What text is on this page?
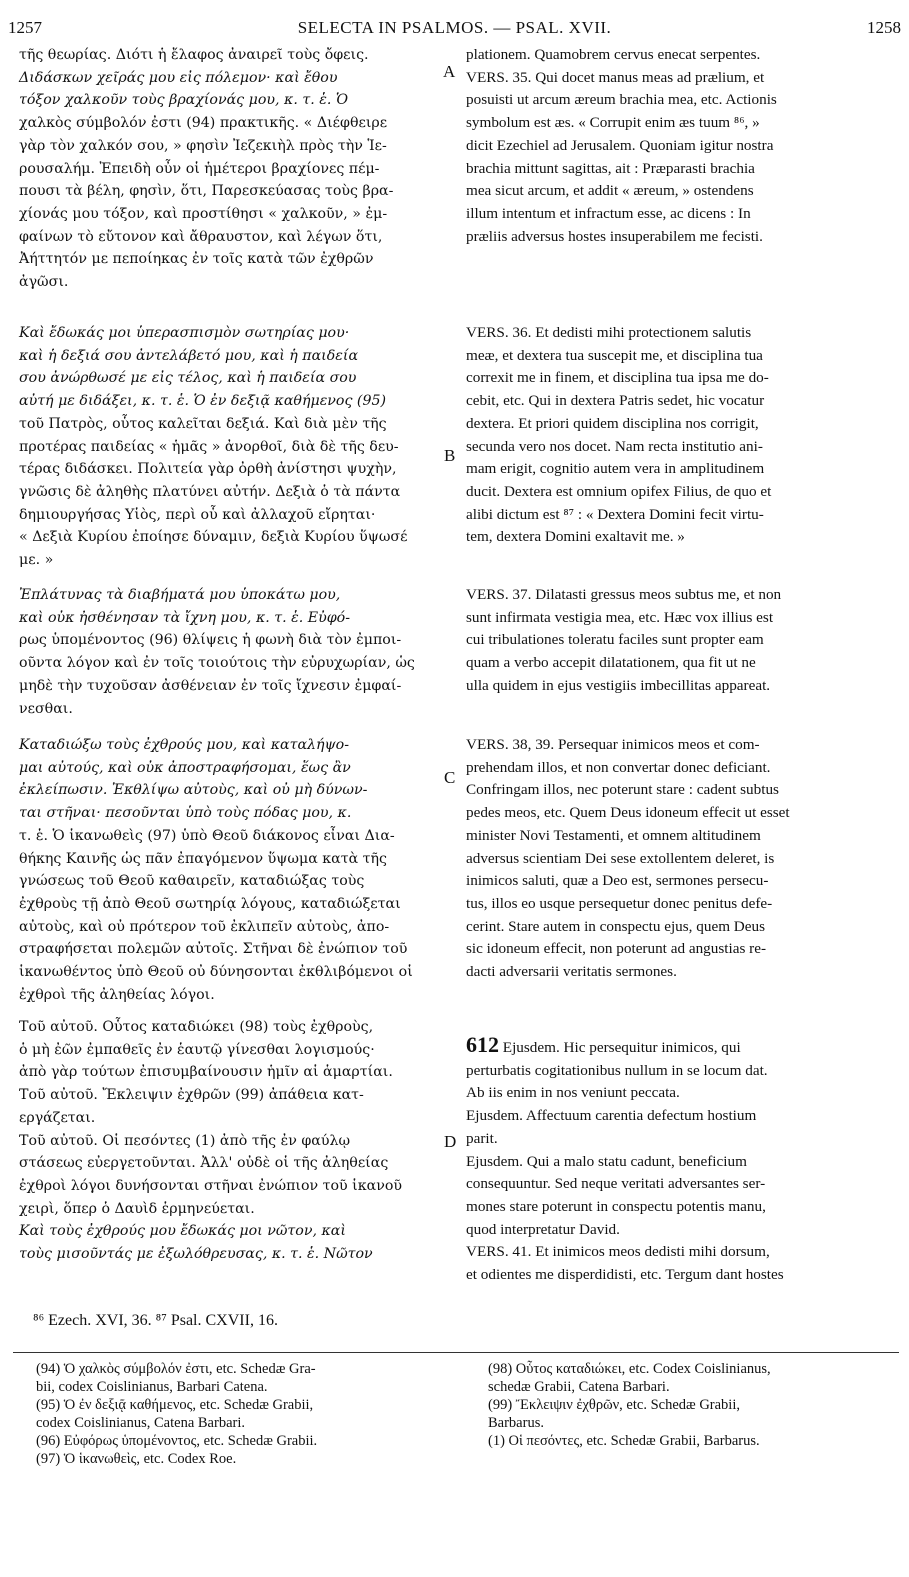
1257	SELECTA IN PSALMOS. — PSAL. XVII.	1258
A
B
C
D

τῆς θεωρίας. Διότι ἡ ἔλαφος ἀναιρεῖ τοὺς ὄφεις.

Διδάσκων χεῖράς μου εἰς πόλεμον· καὶ ἔθου

τόξον χαλκοῦν τοὺς βραχίονάς μου, κ. τ. ἑ. Ὁ

χαλκὸς σύμβολόν ἐστι (94) πρακτικῆς. « Διέφθειρε

γὰρ τὸν χαλκόν σου, » φησὶν Ἰεζεκιὴλ πρὸς τὴν Ἱε-

ρουσαλήμ. Ἐπειδὴ οὖν οἱ ἡμέτεροι βραχίονες πέμ-

πουσι τὰ βέλη, φησὶν, ὅτι, Παρεσκεύασας τοὺς βρα-

χίονάς μου τόξον, καὶ προστίθησι « χαλκοῦν, » ἐμ-

φαίνων τὸ εὔτονον καὶ ἄθραυστον, καὶ λέγων ὅτι,

Ἀήττητόν με πεποίηκας ἐν τοῖς κατὰ τῶν ἐχθρῶν

ἀγῶσι.

Καὶ ἔδωκάς μοι ὑπερασπισμὸν σωτηρίας μου·

καὶ ἡ δεξιά σου ἀντελάβετό μου, καὶ ἡ παιδεία

σου ἀνώρθωσέ με εἰς τέλος, καὶ ἡ παιδεία σου

αὐτή με διδάξει, κ. τ. ἑ. Ὁ ἐν δεξιᾷ καθήμενος (95)

τοῦ Πατρὸς, οὗτος καλεῖται δεξιά. Καὶ διὰ μὲν τῆς

προτέρας παιδείας « ἡμᾶς » ἀνορθοῖ, διὰ δὲ τῆς δευ-

τέρας διδάσκει. Πολιτεία γὰρ ὀρθὴ ἀνίστησι ψυχὴν,

γνῶσις δὲ ἀληθὴς πλατύνει αὐτήν. Δεξιὰ ὁ τὰ πάντα

δημιουργήσας Υἱὸς, περὶ οὗ καὶ ἀλλαχοῦ εἴρηται·

« Δεξιὰ Κυρίου ἐποίησε δύναμιν, δεξιὰ Κυρίου ὕψωσέ

με. »

Ἐπλάτυνας τὰ διαβήματά μου ὑποκάτω μου,

καὶ οὐκ ἠσθένησαν τὰ ἴχνη μου, κ. τ. ἑ. Εὐφό-

ρως ὑπομένοντος (96) θλίψεις ἡ φωνὴ διὰ τὸν ἐμποι-

οῦντα λόγον καὶ ἐν τοῖς τοιούτοις τὴν εὐρυχωρίαν, ὡς

μηδὲ τὴν τυχοῦσαν ἀσθένειαν ἐν τοῖς ἴχνεσιν ἐμφαί-

νεσθαι.

Καταδιώξω τοὺς ἐχθρούς μου, καὶ καταλήψο-

μαι αὐτούς, καὶ οὐκ ἀποστραφήσομαι, ἕως ἂν

ἐκλείπωσιν. Ἐκθλίψω αὐτοὺς, καὶ οὐ μὴ δύνων-

ται στῆναι· πεσοῦνται ὑπὸ τοὺς πόδας μου, κ.

τ. ἑ. Ὁ ἱκανωθεὶς (97) ὑπὸ Θεοῦ διάκονος εἶναι Δια-

θήκης Καινῆς ὡς πᾶν ἐπαγόμενον ὕψωμα κατὰ τῆς

γνώσεως τοῦ Θεοῦ καθαιρεῖν, καταδιώξας τοὺς

ἐχθροὺς τῇ ἀπὸ Θεοῦ σωτηρίᾳ λόγους, καταδιώξεται

αὐτοὺς, καὶ οὐ πρότερον τοῦ ἐκλιπεῖν αὐτοὺς, ἀπο-

στραφήσεται πολεμῶν αὐτοῖς. Στῆναι δὲ ἐνώπιον τοῦ

ἱκανωθέντος ὑπὸ Θεοῦ οὐ δύνησονται ἐκθλιβόμενοι οἱ

ἐχθροὶ τῆς ἀληθείας λόγοι.

Τοῦ αὐτοῦ. Οὗτος καταδιώκει (98) τοὺς ἐχθροὺς,

ὁ μὴ ἐῶν ἐμπαθεῖς ἐν ἑαυτῷ γίνεσθαι λογισμούς·

ἀπὸ γὰρ τούτων ἐπισυμβαίνουσιν ἡμῖν αἱ ἁμαρτίαι.

Τοῦ αὐτοῦ. Ἔκλειψιν ἐχθρῶν (99) ἀπάθεια κατ-

εργάζεται.

Τοῦ αὐτοῦ. Οἱ πεσόντες (1) ἀπὸ τῆς ἐν φαύλῳ

στάσεως εὐεργετοῦνται. Ἀλλ' οὐδὲ οἱ τῆς ἀληθείας

ἐχθροὶ λόγοι δυνήσονται στῆναι ἐνώπιον τοῦ ἱκανοῦ

χειρὶ, ὅπερ ὁ Δαυὶδ ἑρμηνεύεται.

Καὶ τοὺς ἐχθρούς μου ἔδωκάς μοι νῶτον, καὶ

τοὺς μισοῦντάς με ἐξωλόθρευσας, κ. τ. ἑ. Νῶτον

plationem. Quamobrem cervus enecat serpentes.

VERS. 35. Qui docet manus meas ad prælium, et

posuisti ut arcum æreum brachia mea, etc. Actionis

symbolum est æs. « Corrupit enim æs tuum ⁸⁶, »

dicit Ezechiel ad Jerusalem. Quoniam igitur nostra

brachia mittunt sagittas, ait : Præparasti brachia

mea sicut arcum, et addit « æreum, » ostendens

illum intentum et infractum esse, ac dicens : In

præliis adversus hostes insuperabilem me fecisti.

VERS. 36. Et dedisti mihi protectionem salutis

meæ, et dextera tua suscepit me, et disciplina tua

correxit me in finem, et disciplina tua ipsa me do-

cebit, etc. Qui in dextera Patris sedet, hic vocatur

dextera. Et priori quidem disciplina nos corrigit,

secunda vero nos docet. Nam recta institutio ani-

mam erigit, cognitio autem vera in amplitudinem

ducit. Dextera est omnium opifex Filius, de quo et

alibi dictum est ⁸⁷ : « Dextera Domini fecit virtu-

tem, dextera Domini exaltavit me. »

VERS. 37. Dilatasti gressus meos subtus me, et non

sunt infirmata vestigia mea, etc. Hæc vox illius est

cui tribulationes toleratu faciles sunt propter eam

quam a verbo accepit dilatationem, qua fit ut ne

ulla quidem in ejus vestigiis imbecillitas appareat.

VERS. 38, 39. Persequar inimicos meos et com-

prehendam illos, et non convertar donec deficiant.

Confringam illos, nec poterunt stare : cadent subtus

pedes meos, etc. Quem Deus idoneum effecit ut esset

minister Novi Testamenti, et omnem altitudinem

adversus scientiam Dei sese extollentem deleret, is

inimicos saluti, quæ a Deo est, sermones persecu-

tus, illos eo usque persequetur donec penitus defe-

cerint. Stare autem in conspectu ejus, quem Deus

sic idoneum effecit, non poterunt ad angustias re-

dacti adversarii veritatis sermones.

612 Ejusdem. Hic persequitur inimicos, qui

perturbatis cogitationibus nullum in se locum dat.

Ab iis enim in nos veniunt peccata.

Ejusdem. Affectuum carentia defectum hostium

parit.

Ejusdem. Qui a malo statu cadunt, beneficium

consequuntur. Sed neque veritati adversantes ser-

mones stare poterunt in conspectu potentis manu,

quod interpretatur David.

VERS. 41. Et inimicos meos dedisti mihi dorsum,

et odientes me disperdidisti, etc. Tergum dant hostes

⁸⁶ Ezech. XVI, 36. ⁸⁷ Psal. CXVII, 16.

(94) Ὁ χαλκὸς σύμβολόν ἐστι, etc. Schedæ Gra-

bii, codex Coislinianus, Barbari Catena.

(95) Ὁ ἐν δεξιᾷ καθήμενος, etc. Schedæ Grabii,

codex Coislinianus, Catena Barbari.

(96) Εὐφόρως ὑπομένοντος, etc. Schedæ Grabii.

(97) Ὁ ἱκανωθεὶς, etc. Codex Roe.

(98) Οὗτος καταδιώκει, etc. Codex Coislinianus,

schedæ Grabii, Catena Barbari.

(99) Ἔκλειψιν ἐχθρῶν, etc. Schedæ Grabii,

Barbarus.

(1) Οἱ πεσόντες, etc. Schedæ Grabii, Barbarus.
